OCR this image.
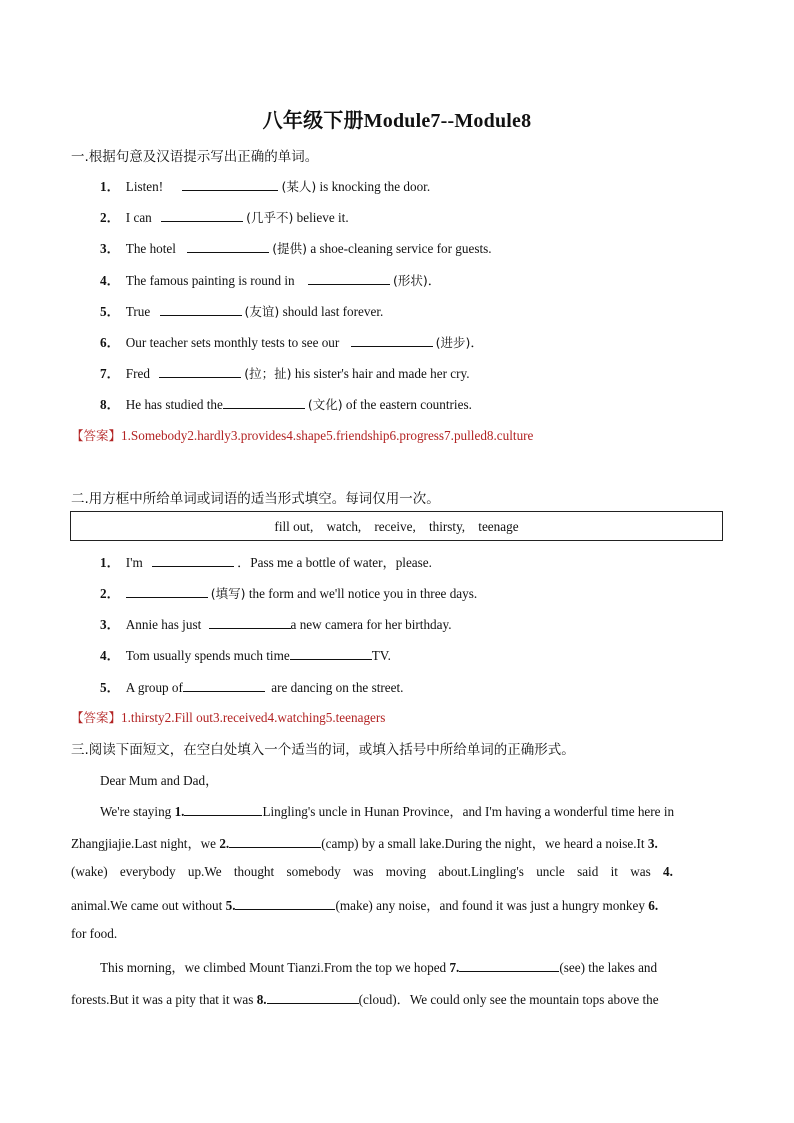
八年级下册Module7--Module8
一.根据句意及汉语提示写出正确的单词。
1． Listen!	(某人) is knocking the door.
2． I can	(几乎不) believe it.
3． The hotel	(提供) a shoe-cleaning service for guests.
4． The famous painting is round in	(形状)．
5． True	(友谊) should last forever.
6． Our teacher sets monthly tests to see our	(进步)．
7． Fred	(拉；扯) his sister's hair and made her cry.
8． He has studied the	(文化) of the eastern countries.
【答案】1.Somebody2.hardly3.provides4.shape5.friendship6.progress7.pulled8.culture
二.用方框中所给单词或词语的适当形式填空。每词仅用一次。
fill out,　watch,　receive,　thirsty,　teenage
1． I'm	．Pass me a bottle of water，please.
2．	(填写) the form and we'll notice you in three days.
3． Annie has just	a new camera for her birthday.
4． Tom usually spends much time	TV.
5． A group of	are dancing on the street.
【答案】1.thirsty2.Fill out3.received4.watching5.teenagers
三.阅读下面短文，在空白处填入一个适当的词，或填入括号中所给单词的正确形式。
Dear Mum and Dad，
We're staying 1.	Lingling's uncle in Hunan Province，and I'm having a wonderful time here in
Zhangjiajie.Last night，we 2.	(camp) by a small lake.During the night，we heard a noise.It 3.
(wake) everybody up.We thought somebody was moving about.Lingling's uncle said it was 4.
animal.We came out without 5.	(make) any noise，and found it was just a hungry monkey 6.
for food.
This morning，we climbed Mount Tianzi.From the top we hoped 7.	(see) the lakes and
forests.But it was a pity that it was 8.	(cloud)．We could only see the mountain tops above the
